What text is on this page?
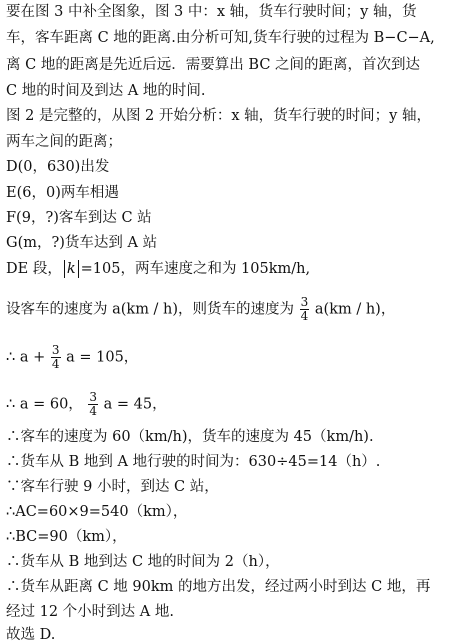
要在图 3 中补全图象，图 3 中：x 轴，货车行驶时间；y 轴，货
车，客车距离 C 地的距离.由分析可知,货车行驶的过程为 B−C−A,
离 C 地的距离是先近后远．需要算出 BC 之间的距离，首次到达
C 地的时间及到达 A 地的时间.
图 2 是完整的，从图 2 开始分析：x 轴，货车行驶的时间；y 轴，
两车之间的距离；
D(0，630)出发
E(6，0)两车相遇
F(9，?)客车到达 C 站
G(m，?)货车达到 A 站
DE 段， k =105，两车速度之和为 105km/h,
设客车的速度为 a(km / h)，则货车的速度为 $\frac{3}{4} a(km / h)$，
∴ $a + \frac{3}{4}$ a = 105，
∴ a = 60， $\frac{3}{4}$ a = 45，
∴客车的速度为 60（km/h)，货车的速度为 45（km/h).
∴货车从 B 地到 A 地行驶的时间为：630÷45=14（h）.
∵客车行驶 9 小时，到达 C 站，
∴AC=60×9=540（km），
∴BC=90（km），
∴货车从 B 地到达 C 地的时间为 2（h），
∴货车从距离 C 地 90km 的地方出发，经过两小时到达 C 地，再
经过 12 个小时到达 A 地.
故选 D.
